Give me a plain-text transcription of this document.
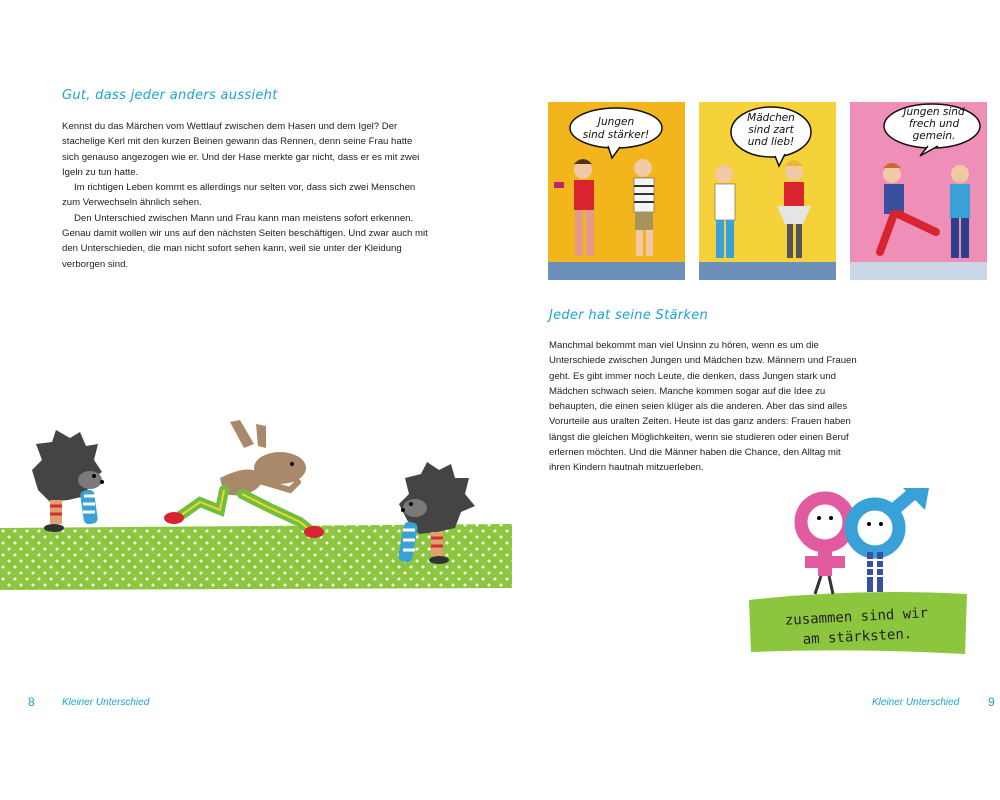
Gut, dass jeder anders aussieht

Kennst du das Märchen vom Wettlauf zwischen dem Hasen und dem Igel? Der stachelige Kerl mit den kurzen Beinen gewann das Rennen, denn seine Frau hatte sich genauso angezogen wie er. Und der Hase merkte gar nicht, dass er es mit zwei Igeln zu tun hatte.

Im richtigen Leben kommt es allerdings nur selten vor, dass sich zwei Menschen zum Verwechseln ähnlich sehen.

Den Unterschied zwischen Mann und Frau kann man meistens sofort erkennen. Genau damit wollen wir uns auf den nächsten Seiten beschäftigen. Und zwar auch mit den Unterschieden, die man nicht sofort sehen kann, weil sie unter der Kleidung verborgen sind.

8	Kleiner Unterschied
Jungen
sind stärker!
Mädchen
sind zart
und lieb!
Jungen sind
frech und
gemein.
Jeder hat seine Stärken

Manchmal bekommt man viel Unsinn zu hören, wenn es um die Unterschiede zwischen Jungen und Mädchen bzw. Männern und Frauen geht. Es gibt immer noch Leute, die denken, dass Jungen stark und Mädchen schwach seien. Manche kommen sogar auf die Idee zu behaupten, die einen seien klüger als die anderen. Aber das sind alles Vorurteile aus uralten Zeiten. Heute ist das ganz anders: Frauen haben längst die gleichen Möglichkeiten, wenn sie studieren oder einen Beruf erlernen möchten. Und die Männer haben die Chance, den Alltag mit ihren Kindern hautnah mitzuerleben.

zusammen sind wir
am stärksten.
Kleiner Unterschied 9
